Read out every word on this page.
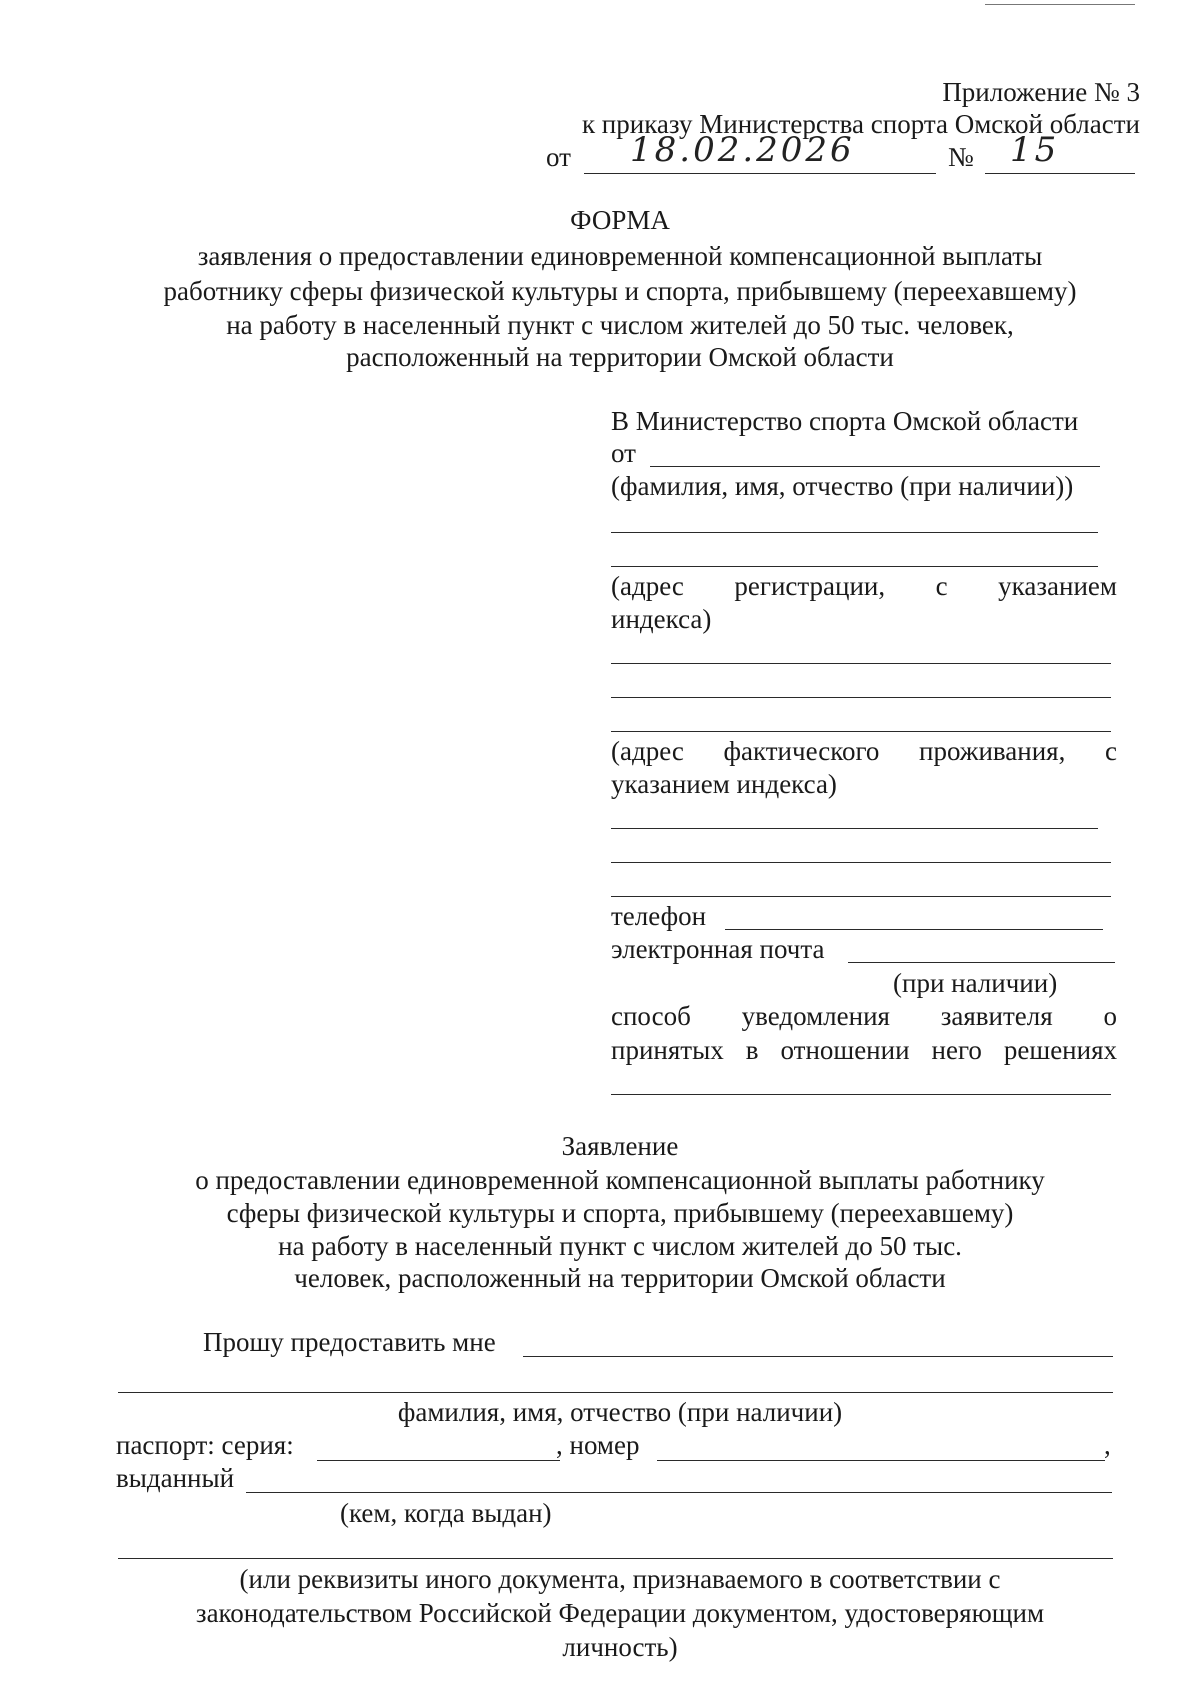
Приложение № 3
к приказу Министерства спорта Омской области
от 18.02.2026	№ 15
ФОРМА
заявления о предоставлении единовременной компенсационной выплаты
работнику сферы физической культуры и спорта, прибывшему (переехавшему)
на работу в населенный пункт с числом жителей до 50 тыс. человек,
расположенный на территории Омской области
В Министерство спорта Омской области
от
(фамилия, имя, отчество (при наличии))
(адрес регистрации, с указанием
индекса)
(адрес фактического проживания, с
указанием индекса)
телефон
электронная почта
(при наличии)
способ уведомления заявителя о
принятых в отношении него решениях
Заявление
о предоставлении единовременной компенсационной выплаты работнику
сферы физической культуры и спорта, прибывшему (переехавшему)
на работу в населенный пункт с числом жителей до 50 тыс.
человек, расположенный на территории Омской области
Прошу предоставить мне
фамилия, имя, отчество (при наличии)
паспорт: серия:	, номер	,
выданный
(кем, когда выдан)
(или реквизиты иного документа, признаваемого в соответствии с
законодательством Российской Федерации документом, удостоверяющим
личность)
